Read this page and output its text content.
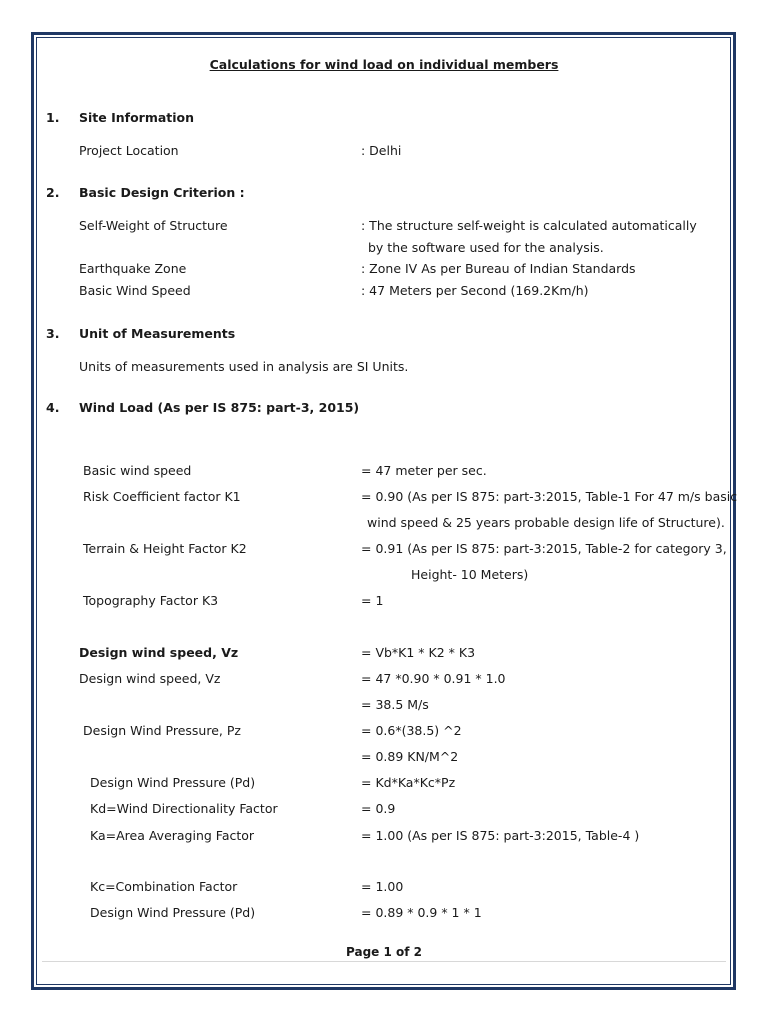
Calculations for wind load on individual members
1. Site Information
Project Location	: Delhi
2. Basic Design Criterion :
Self-Weight of Structure	: The structure self-weight is calculated automatically
by the software used for the analysis.
Earthquake Zone	: Zone IV As per Bureau of Indian Standards
Basic Wind Speed	: 47 Meters per Second (169.2Km/h)
3. Unit of Measurements
Units of measurements used in analysis are SI Units.
4. Wind Load (As per IS 875: part-3, 2015)
Basic wind speed	= 47 meter per sec.
Risk Coefficient factor K1	= 0.90 (As per IS 875: part-3:2015, Table-1 For 47 m/s basic
wind speed & 25 years probable design life of Structure).
Terrain & Height Factor K2	= 0.91 (As per IS 875: part-3:2015, Table-2 for category 3,
Height- 10 Meters)
Topography Factor K3	= 1
Design wind speed, Vz	= Vb*K1 * K2 * K3
Design wind speed, Vz	= 47 *0.90 * 0.91 * 1.0
= 38.5 M/s
Design Wind Pressure, Pz	= 0.6*(38.5) ^2
= 0.89 KN/M^2
Design Wind Pressure (Pd)	= Kd*Ka*Kc*Pz
Kd=Wind Directionality Factor	= 0.9
Ka=Area Averaging Factor	= 1.00 (As per IS 875: part-3:2015, Table-4 )
Kc=Combination Factor	= 1.00
Design Wind Pressure (Pd)	= 0.89 * 0.9 * 1 * 1
Page 1 of 2
